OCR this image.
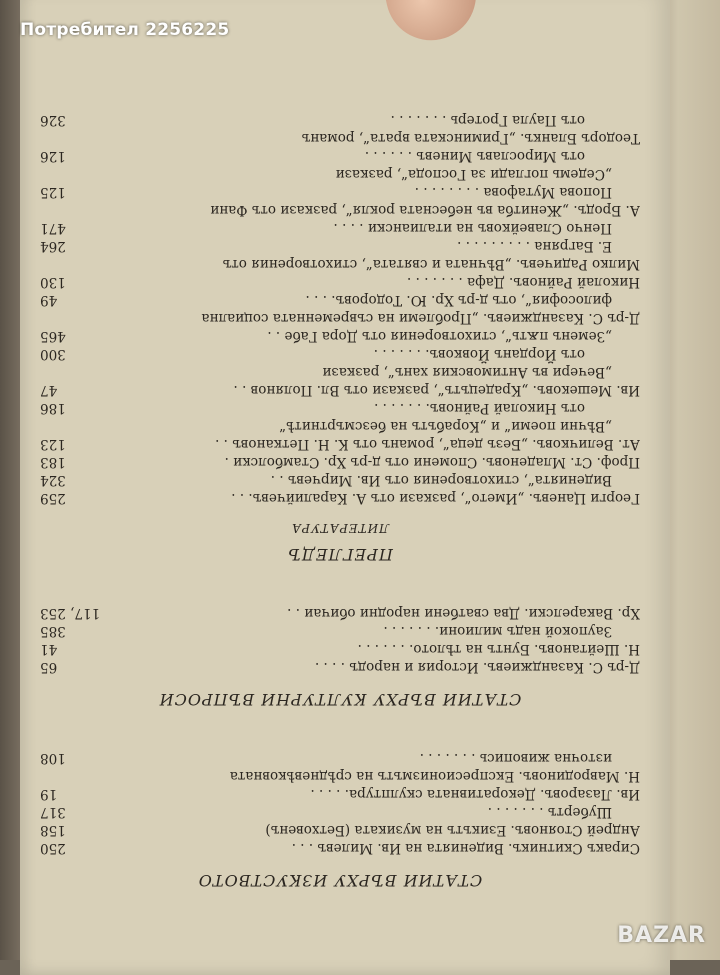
СТАТИИ ВЪРХУ ИЗКУСТВОТО
Сиракъ Скитникъ. Виденията на Ив. Милевъ . . .
250
Андрей Стояновъ. Езикътъ на музиката (Бетховенъ)
158
Шубертъ . . . . . . .
317
Ив. Лазаровъ. Декоративната скулптура. . . . .
19
Н. Мавродиновъ. Експресионизмътъ на срѣдневѣковната
източна живопись . . . . . . .
108
СТАТИИ ВЪРХУ КУЛТУРНИ ВЪПРОСИ
Д-ръ С. Казанджиевъ. История и народъ . . . .
65
Н. Шейтановъ. Бунтъ на тѣлото. . . . . . .
41
Заупокой надъ милиони. . . . . . .
385
Хр. Вакарелски. Два сватбени народни обичаи . .
117, 253
ПРЕГЛЕДЪ
ЛИТЕРАТУРА
Георги Цаневъ. „Името“, разкази отъ А. Каралийчевъ. . .
259
Виденията“, стихотворения отъ Ив. Мирчевъ . .
324
Проф. Ст. Младеновъ. Спомени отъ д-ръ Хр. Стамболски .
183
Ат. Величковъ. „Безъ деца“, романъ отъ К. Н. Петкановъ . .
123
„Вѣчни поеми“ и „Корабътъ на безсмъртнитѣ“
отъ Николай Райновъ. . . . . . .
186
Ив. Мешековъ. „Крадецътъ“, разкази отъ Вл. Полянов . .
47
„Вечери въ Антимовския ханъ“, разкази
отъ Йорданъ Йовковъ. . . . . . .
300
„Земенъ пѫть“, стихотворения отъ Дора Габе . .
465
Д-ръ С. Казанджиевъ. „Проблеми на съвременната социална
философия“, отъ д-ръ Хр. Ю. Тодоровъ. . . .
49
Николай Райновъ. Дафа . . . . . . .
130
Милко Радичевъ. „Вѣчната и святата“, стихотворения отъ
Е. Багряна . . . . . . . . .
264
Пенчо Славейковъ на италиански . . . .
471
А. Бродъ. „Женитба въ небесната рокля“, разкази отъ Фани
Попова Мутафова . . . . . . . .
125
„Седемь поглади за Господа“, разкази
отъ Мирославъ Миневъ . . . . . .
126
Теодоръ Бланкъ. „Гриминската врата“, романъ
отъ Паула Гротерь . . . . . . .
326
Потребител 2256225
BAZAR
